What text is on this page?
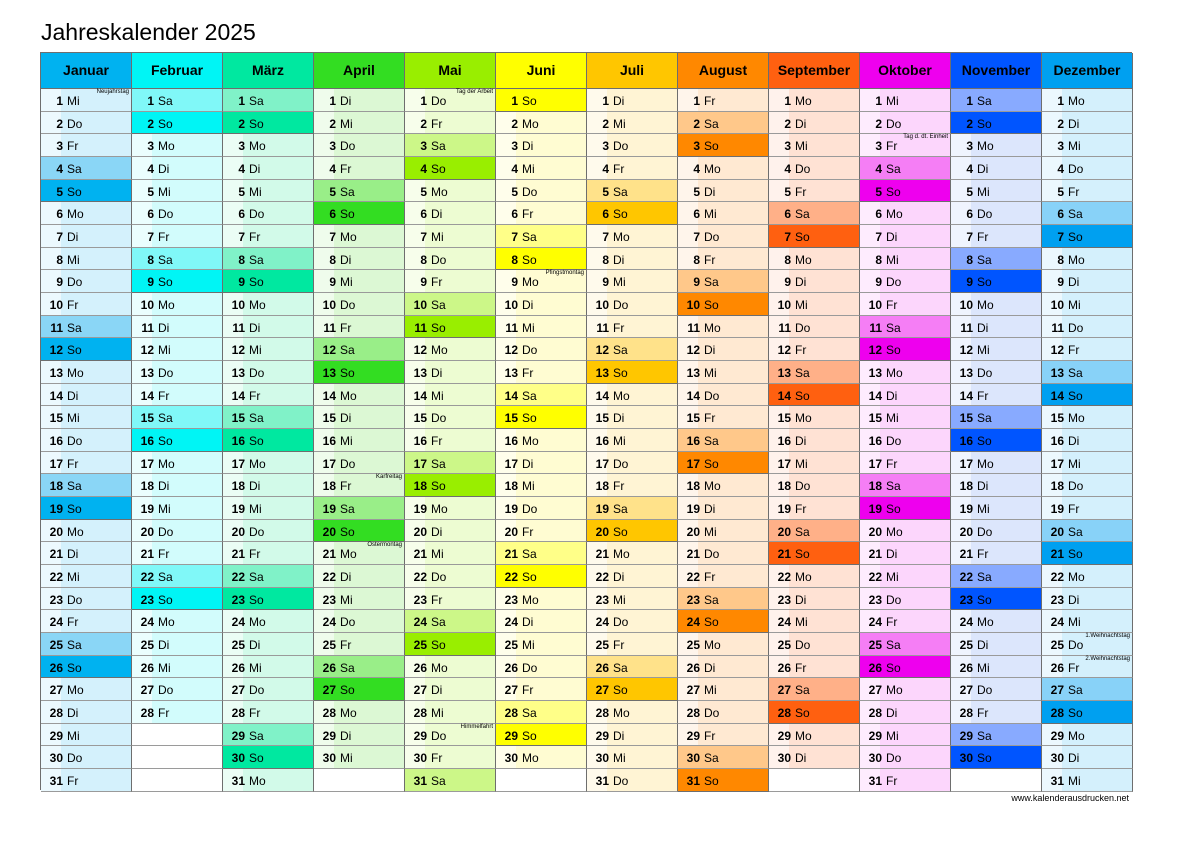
Jahreskalender 2025
Januar
1 Mi
Neujahrstag
2 Do
3 Fr
4 Sa
5 So
6 Mo
7 Di
8 Mi
9 Do
10 Fr
11 Sa
12 So
13 Mo
14 Di
15 Mi
16 Do
17 Fr
18 Sa
19 So
20 Mo
21 Di
22 Mi
23 Do
24 Fr
25 Sa
26 So
27 Mo
28 Di
29 Mi
30 Do
31 Fr
Februar
1 Sa
2 So
3 Mo
4 Di
5 Mi
6 Do
7 Fr
8 Sa
9 So
10 Mo
11 Di
12 Mi
13 Do
14 Fr
15 Sa
16 So
17 Mo
18 Di
19 Mi
20 Do
21 Fr
22 Sa
23 So
24 Mo
25 Di
26 Mi
27 Do
28 Fr
März
1 Sa
2 So
3 Mo
4 Di
5 Mi
6 Do
7 Fr
8 Sa
9 So
10 Mo
11 Di
12 Mi
13 Do
14 Fr
15 Sa
16 So
17 Mo
18 Di
19 Mi
20 Do
21 Fr
22 Sa
23 So
24 Mo
25 Di
26 Mi
27 Do
28 Fr
29 Sa
30 So
31 Mo
April
1 Di
2 Mi
3 Do
4 Fr
5 Sa
6 So
7 Mo
8 Di
9 Mi
10 Do
11 Fr
12 Sa
13 So
14 Mo
15 Di
16 Mi
17 Do
18 Fr
Karfreitag
19 Sa
20 So
21 Mo
Ostermontag
22 Di
23 Mi
24 Do
25 Fr
26 Sa
27 So
28 Mo
29 Di
30 Mi
Mai
1 Do
Tag der Arbeit
2 Fr
3 Sa
4 So
5 Mo
6 Di
7 Mi
8 Do
9 Fr
10 Sa
11 So
12 Mo
13 Di
14 Mi
15 Do
16 Fr
17 Sa
18 So
19 Mo
20 Di
21 Mi
22 Do
23 Fr
24 Sa
25 So
26 Mo
27 Di
28 Mi
29 Do
Himmelfahrt
30 Fr
31 Sa
Juni
1 So
2 Mo
3 Di
4 Mi
5 Do
6 Fr
7 Sa
8 So
9 Mo
Pfingstmontag
10 Di
11 Mi
12 Do
13 Fr
14 Sa
15 So
16 Mo
17 Di
18 Mi
19 Do
20 Fr
21 Sa
22 So
23 Mo
24 Di
25 Mi
26 Do
27 Fr
28 Sa
29 So
30 Mo
Juli
1 Di
2 Mi
3 Do
4 Fr
5 Sa
6 So
7 Mo
8 Di
9 Mi
10 Do
11 Fr
12 Sa
13 So
14 Mo
15 Di
16 Mi
17 Do
18 Fr
19 Sa
20 So
21 Mo
22 Di
23 Mi
24 Do
25 Fr
26 Sa
27 So
28 Mo
29 Di
30 Mi
31 Do
August
1 Fr
2 Sa
3 So
4 Mo
5 Di
6 Mi
7 Do
8 Fr
9 Sa
10 So
11 Mo
12 Di
13 Mi
14 Do
15 Fr
16 Sa
17 So
18 Mo
19 Di
20 Mi
21 Do
22 Fr
23 Sa
24 So
25 Mo
26 Di
27 Mi
28 Do
29 Fr
30 Sa
31 So
September
1 Mo
2 Di
3 Mi
4 Do
5 Fr
6 Sa
7 So
8 Mo
9 Di
10 Mi
11 Do
12 Fr
13 Sa
14 So
15 Mo
16 Di
17 Mi
18 Do
19 Fr
20 Sa
21 So
22 Mo
23 Di
24 Mi
25 Do
26 Fr
27 Sa
28 So
29 Mo
30 Di
Oktober
1 Mi
2 Do
3 Fr
Tag d. dt. Einheit
4 Sa
5 So
6 Mo
7 Di
8 Mi
9 Do
10 Fr
11 Sa
12 So
13 Mo
14 Di
15 Mi
16 Do
17 Fr
18 Sa
19 So
20 Mo
21 Di
22 Mi
23 Do
24 Fr
25 Sa
26 So
27 Mo
28 Di
29 Mi
30 Do
31 Fr
November
1 Sa
2 So
3 Mo
4 Di
5 Mi
6 Do
7 Fr
8 Sa
9 So
10 Mo
11 Di
12 Mi
13 Do
14 Fr
15 Sa
16 So
17 Mo
18 Di
19 Mi
20 Do
21 Fr
22 Sa
23 So
24 Mo
25 Di
26 Mi
27 Do
28 Fr
29 Sa
30 So
Dezember
1 Mo
2 Di
3 Mi
4 Do
5 Fr
6 Sa
7 So
8 Mo
9 Di
10 Mi
11 Do
12 Fr
13 Sa
14 So
15 Mo
16 Di
17 Mi
18 Do
19 Fr
20 Sa
21 So
22 Mo
23 Di
24 Mi
25 Do
1.Weihnachtstag
26 Fr
2.Weihnachtstag
27 Sa
28 So
29 Mo
30 Di
31 Mi
www.kalenderausdrucken.net
